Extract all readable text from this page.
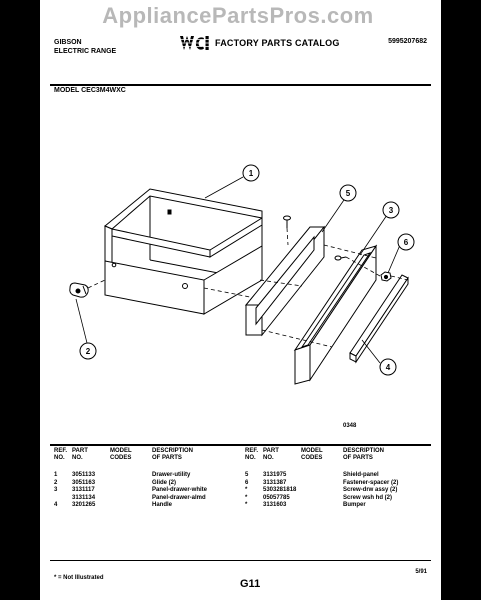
GIBSON
ELECTRIC RANGE
FACTORY PARTS CATALOG	5995207682
MODEL CEC3M4WXC
1
2
3
4
5
6
0348
REF.
NO.
PART
NO.
MODEL
CODES
DESCRIPTION
OF PARTS
1	3051133	Drawer-utility
2	3051163	Glide (2)
3	3131117	Panel-drawer-white
3131134	Panel-drawer-almd
4	3201265	Handle
REF.
NO.
PART
NO.
MODEL
CODES
DESCRIPTION
OF PARTS
5	3131975	Shield-panel
6	3131387	Fastener-spacer (2)
*	5303281818	Screw-drw assy (2)
*	05057785	Screw wsh hd (2)
*	3131603	Bumper
* = Not Illustrated	G11
5/91
AppliancePartsPros.com
